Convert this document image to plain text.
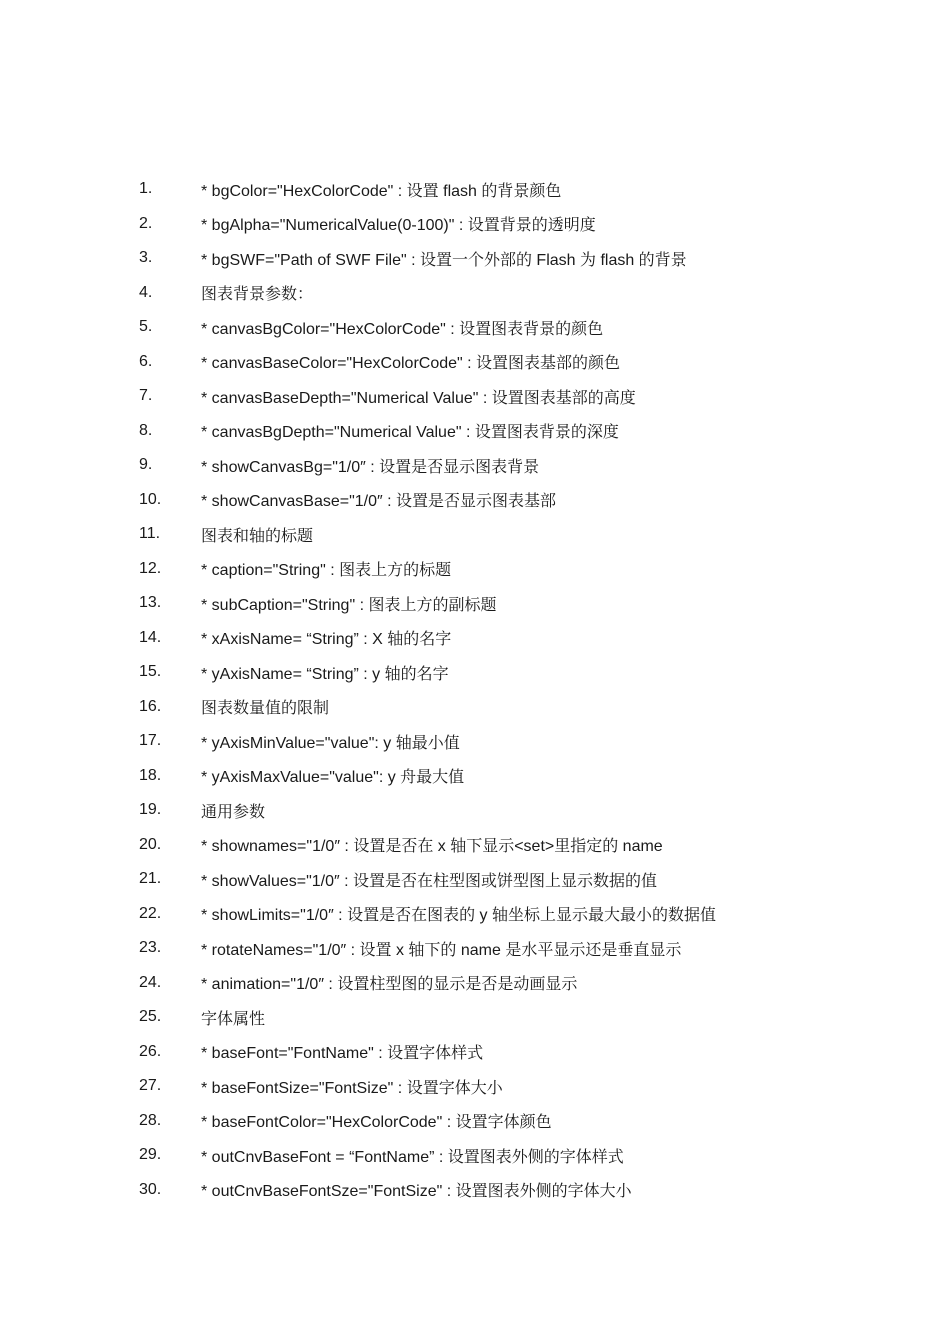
1.	* bgColor="HexColorCode" : 设置 flash 的背景颜色
2.	* bgAlpha="NumericalValue(0-100)" : 设置背景的透明度
3.	* bgSWF="Path of SWF File" : 设置一个外部的 Flash 为 flash 的背景
4.	图表背景参数：
5.	* canvasBgColor="HexColorCode" : 设置图表背景的颜色
6.	* canvasBaseColor="HexColorCode" : 设置图表基部的颜色
7.	* canvasBaseDepth="Numerical Value" : 设置图表基部的高度
8.	* canvasBgDepth="Numerical Value" : 设置图表背景的深度
9.	* showCanvasBg="1/0″ : 设置是否显示图表背景
10.	* showCanvasBase="1/0″ : 设置是否显示图表基部
11.	图表和轴的标题
12.	* caption="String" : 图表上方的标题
13.	* subCaption="String" : 图表上方的副标题
14.	* xAxisName= “String” : X 轴的名字
15.	* yAxisName= “String” : y 轴的名字
16.	图表数量值的限制
17.	* yAxisMinValue="value": y 轴最小值
18.	* yAxisMaxValue="value": y 舟最大值
19.	通用参数
20.	* shownames="1/0″ : 设置是否在 x 轴下显示<set>里指定的 name
21.	* showValues="1/0″ : 设置是否在柱型图或饼型图上显示数据的值
22.	* showLimits="1/0″ : 设置是否在图表的 y 轴坐标上显示最大最小的数据值
23.	* rotateNames="1/0″ : 设置 x 轴下的 name 是水平显示还是垂直显示
24.	* animation="1/0″ : 设置柱型图的显示是否是动画显示
25.	字体属性
26.	* baseFont="FontName" : 设置字体样式
27.	* baseFontSize="FontSize" : 设置字体大小
28.	* baseFontColor="HexColorCode" : 设置字体颜色
29.	* outCnvBaseFont = “FontName” : 设置图表外侧的字体样式
30.	* outCnvBaseFontSze="FontSize" : 设置图表外侧的字体大小
